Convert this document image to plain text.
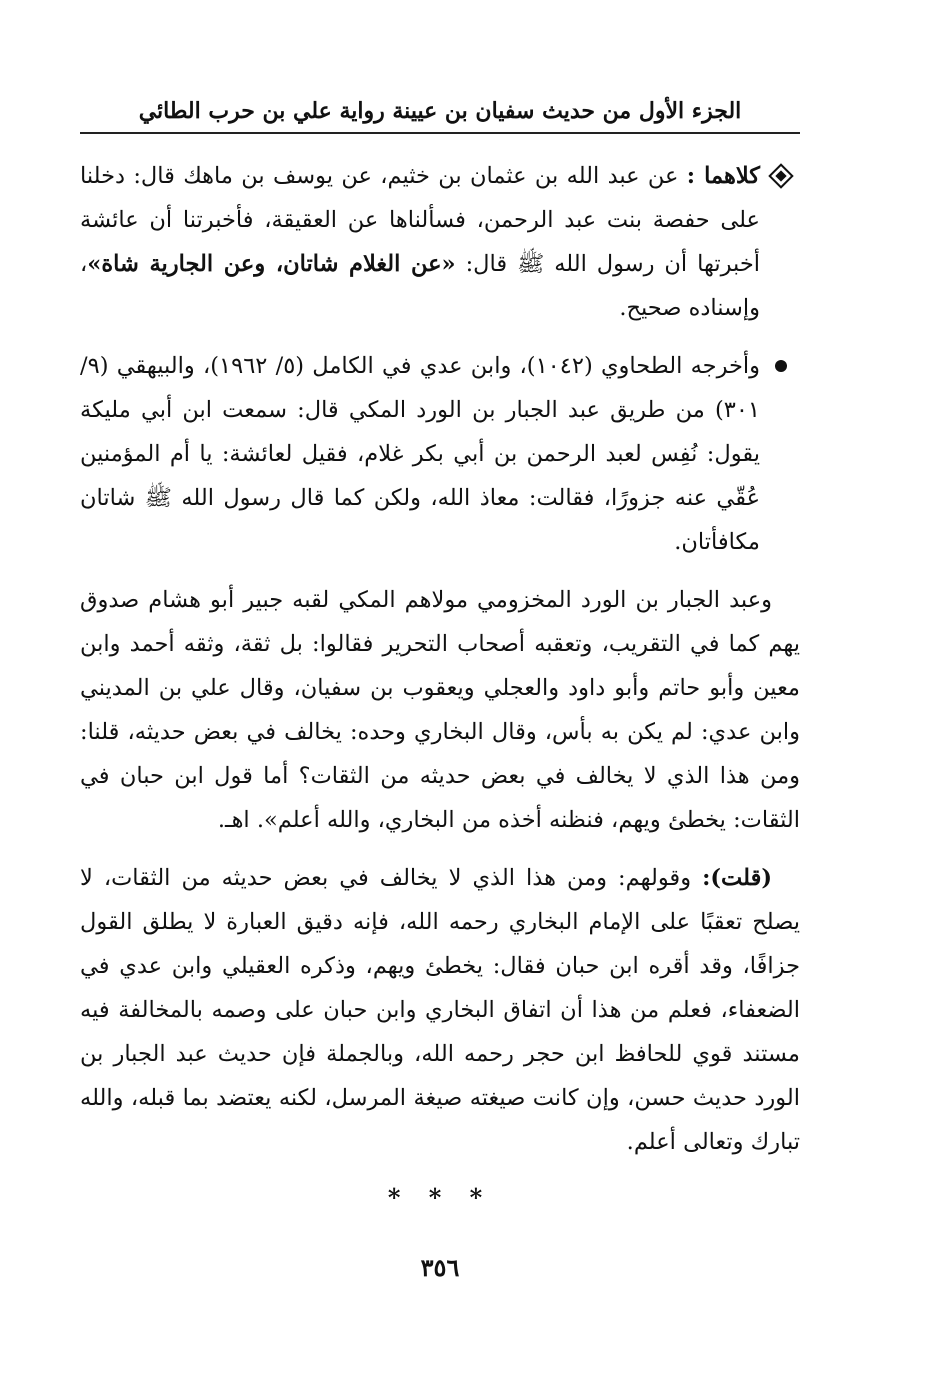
الجزء الأول من حديث سفيان بن عيينة رواية علي بن حرب الطائي
كلاهما : عن عبد الله بن عثمان بن خثيم، عن يوسف بن ماهك قال: دخلنا على حفصة بنت عبد الرحمن، فسألناها عن العقيقة، فأخبرتنا أن عائشة أخبرتها أن رسول الله ﷺ قال: «عن الغلام شاتان، وعن الجارية شاة»، وإسناده صحيح.
وأخرجه الطحاوي (١٠٤٢)، وابن عدي في الكامل (٥/ ١٩٦٢)، والبيهقي (٩/ ٣٠١) من طريق عبد الجبار بن الورد المكي قال: سمعت ابن أبي مليكة يقول: نُفِس لعبد الرحمن بن أبي بكر غلام، فقيل لعائشة: يا أم المؤمنين عُقّي عنه جزورًا، فقالت: معاذ الله، ولكن كما قال رسول الله ﷺ شاتان مكافأتان.
وعبد الجبار بن الورد المخزومي مولاهم المكي لقبه جبير أبو هشام صدوق يهم كما في التقريب، وتعقبه أصحاب التحرير فقالوا: بل ثقة، وثقه أحمد وابن معين وأبو حاتم وأبو داود والعجلي ويعقوب بن سفيان، وقال علي بن المديني وابن عدي: لم يكن به بأس، وقال البخاري وحده: يخالف في بعض حديثه، قلنا: ومن هذا الذي لا يخالف في بعض حديثه من الثقات؟ أما قول ابن حبان في الثقات: يخطئ ويهم، فنظنه أخذه من البخاري، والله أعلم». اهـ.
(قلت): وقولهم: ومن هذا الذي لا يخالف في بعض حديثه من الثقات، لا يصلح تعقبًا على الإمام البخاري رحمه الله، فإنه دقيق العبارة لا يطلق القول جزافًا، وقد أقره ابن حبان فقال: يخطئ ويهم، وذكره العقيلي وابن عدي في الضعفاء، فعلم من هذا أن اتفاق البخاري وابن حبان على وصمه بالمخالفة فيه مستند قوي للحافظ ابن حجر رحمه الله، وبالجملة فإن حديث عبد الجبار بن الورد حديث حسن، وإن كانت صيغته صيغة المرسل، لكنه يعتضد بما قبله، والله تبارك وتعالى أعلم.
* * *
٣٥٦
